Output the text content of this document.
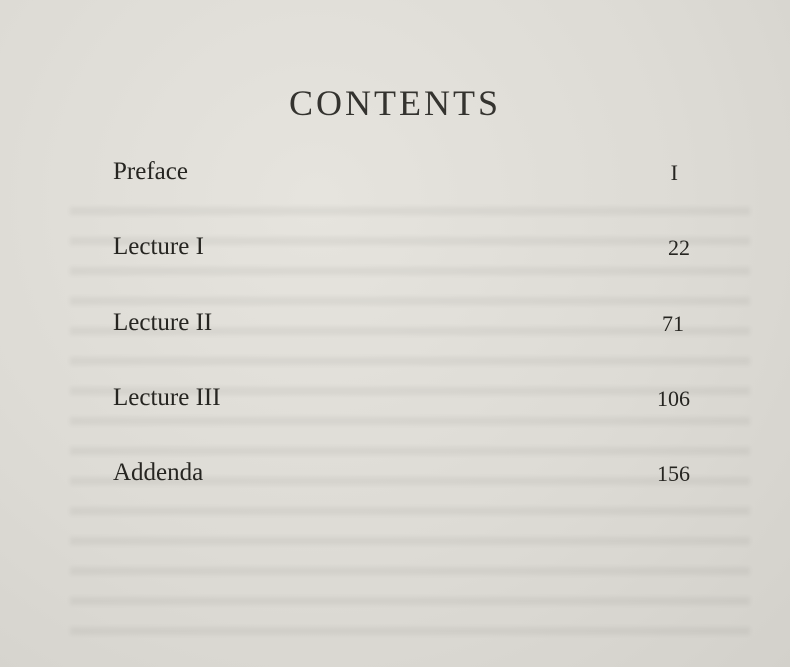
CONTENTS
Preface	I
Lecture I	22
Lecture II	71
Lecture III	106
Addenda	156
